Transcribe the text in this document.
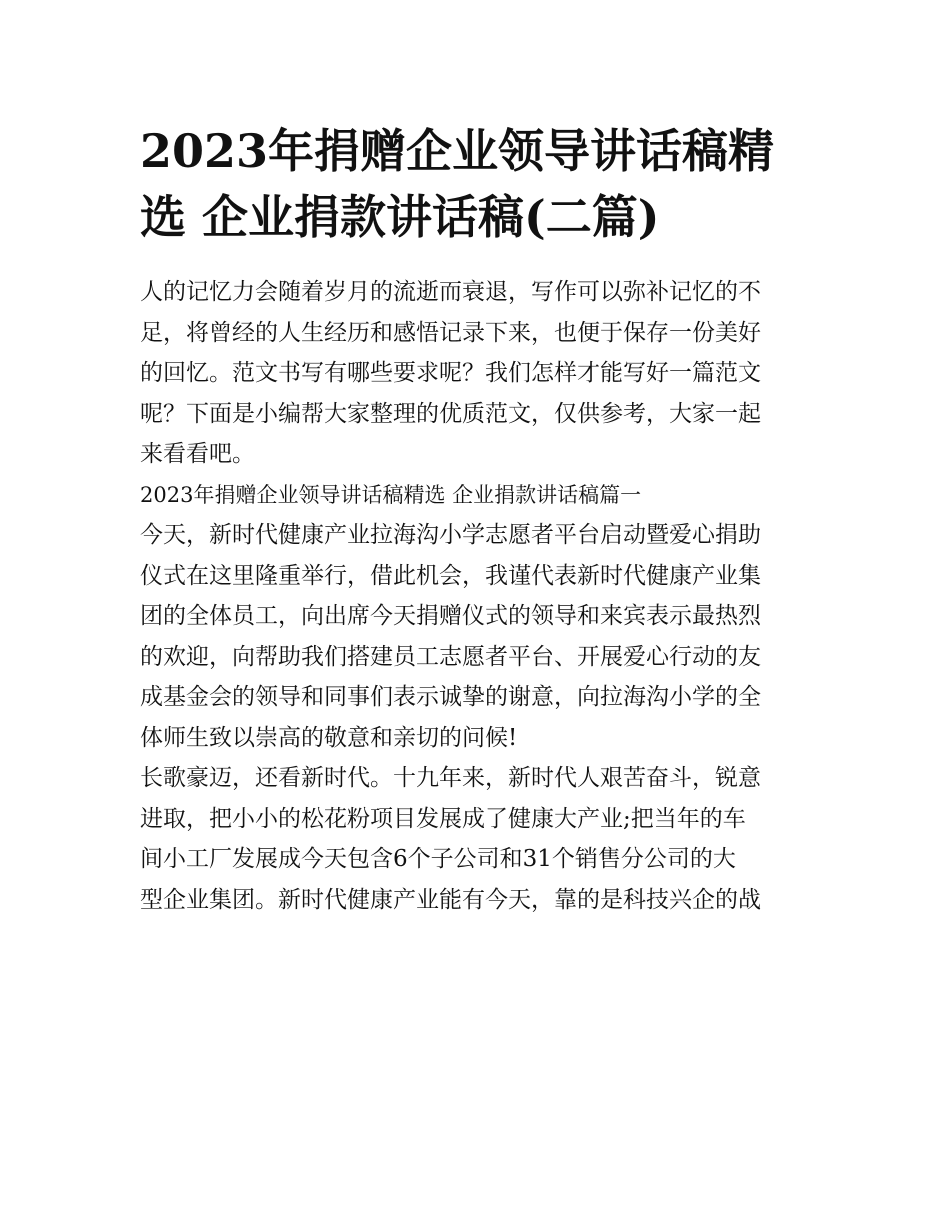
2023年捐赠企业领导讲话稿精
选 企业捐款讲话稿(二篇)

人的记忆力会随着岁月的流逝而衰退，写作可以弥补记忆的不
足，将曾经的人生经历和感悟记录下来，也便于保存一份美好
的回忆。范文书写有哪些要求呢？我们怎样才能写好一篇范文
呢？下面是小编帮大家整理的优质范文，仅供参考，大家一起
来看看吧。

2023年捐赠企业领导讲话稿精选 企业捐款讲话稿篇一

今天，新时代健康产业拉海沟小学志愿者平台启动暨爱心捐助
仪式在这里隆重举行，借此机会，我谨代表新时代健康产业集
团的全体员工，向出席今天捐赠仪式的领导和来宾表示最热烈
的欢迎，向帮助我们搭建员工志愿者平台、开展爱心行动的友
成基金会的领导和同事们表示诚挚的谢意，向拉海沟小学的全
体师生致以崇高的敬意和亲切的问候!

长歌豪迈，还看新时代。十九年来，新时代人艰苦奋斗，锐意
进取，把小小的松花粉项目发展成了健康大产业;把当年的车
间小工厂发展成今天包含6个子公司和31个销售分公司的大
型企业集团。新时代健康产业能有今天，靠的是科技兴企的战
